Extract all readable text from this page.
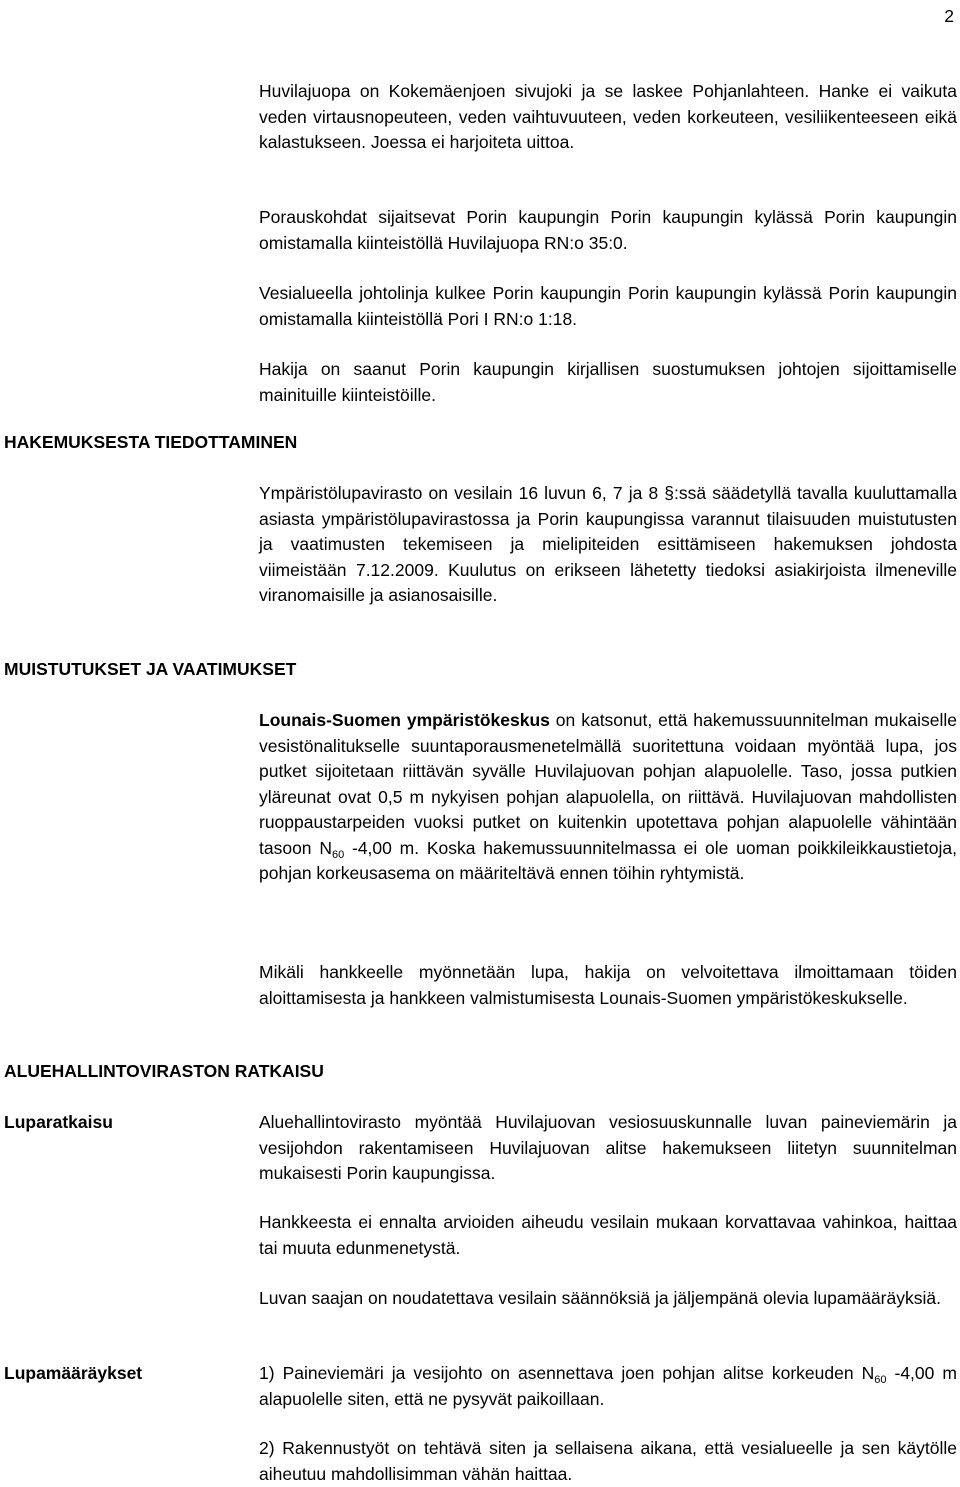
2

Huvilajuopa on Kokemäenjoen sivujoki ja se laskee Pohjanlahteen. Hanke ei vaikuta veden virtausnopeuteen, veden vaihtuvuuteen, veden korkeuteen, vesiliikenteeseen eikä kalastukseen. Joessa ei harjoiteta uittoa.

Porauskohdat sijaitsevat Porin kaupungin Porin kaupungin kylässä Porin kaupungin omistamalla kiinteistöllä Huvilajuopa RN:o 35:0.

Vesialueella johtolinja kulkee Porin kaupungin Porin kaupungin kylässä Porin kaupungin omistamalla kiinteistöllä Pori I RN:o 1:18.

Hakija on saanut Porin kaupungin kirjallisen suostumuksen johtojen sijoittamiselle mainituille kiinteistöille.

HAKEMUKSESTA TIEDOTTAMINEN

Ympäristölupavirasto on vesilain 16 luvun 6, 7 ja 8 §:ssä säädetyllä tavalla kuuluttamalla asiasta ympäristölupavirastossa ja Porin kaupungissa varannut tilaisuuden muistutusten ja vaatimusten tekemiseen ja mielipiteiden esittämiseen hakemuksen johdosta viimeistään 7.12.2009. Kuulutus on erikseen lähetetty tiedoksi asiakirjoista ilmeneville viranomaisille ja asianosaisille.

MUISTUTUKSET JA VAATIMUKSET

Lounais-Suomen ympäristökeskus on katsonut, että hakemussuunnitelman mukaiselle vesistönalitukselle suuntaporausmenetelmällä suoritettuna voidaan myöntää lupa, jos putket sijoitetaan riittävän syvälle Huvilajuovan pohjan alapuolelle. Taso, jossa putkien yläreunat ovat 0,5 m nykyisen pohjan alapuolella, on riittävä. Huvilajuovan mahdollisten ruoppaustarpeiden vuoksi putket on kuitenkin upotettava pohjan alapuolelle vähintään tasoon $N_{60}$ -4,00 m. Koska hakemussuunnitelmassa ei ole uoman poikkileikkaustietoja, pohjan korkeusasema on määriteltävä ennen töihin ryhtymistä.

Mikäli hankkeelle myönnetään lupa, hakija on velvoitettava ilmoittamaan töiden aloittamisesta ja hankkeen valmistumisesta Lounais-Suomen ympäristökeskukselle.

ALUEHALLINTOVIRASTON RATKAISU
Luparatkaisu	Aluehallintovirasto myöntää Huvilajuovan vesiosuuskunnalle luvan paineviemärin ja vesijohdon rakentamiseen Huvilajuovan alitse hakemukseen liitetyn suunnitelman mukaisesti Porin kaupungissa.

Hankkeesta ei ennalta arvioiden aiheudu vesilain mukaan korvattavaa vahinkoa, haittaa tai muuta edunmenetystä.

Luvan saajan on noudatettava vesilain säännöksiä ja jäljempänä olevia lupamääräyksiä.

Lupamääräykset	1) Paineviemäri ja vesijohto on asennettava joen pohjan alitse korkeuden $N_{60}$ -4,00 m alapuolelle siten, että ne pysyvät paikoillaan.

2) Rakennustyöt on tehtävä siten ja sellaisena aikana, että vesialueelle ja sen käytölle aiheutuu mahdollisimman vähän haittaa.
